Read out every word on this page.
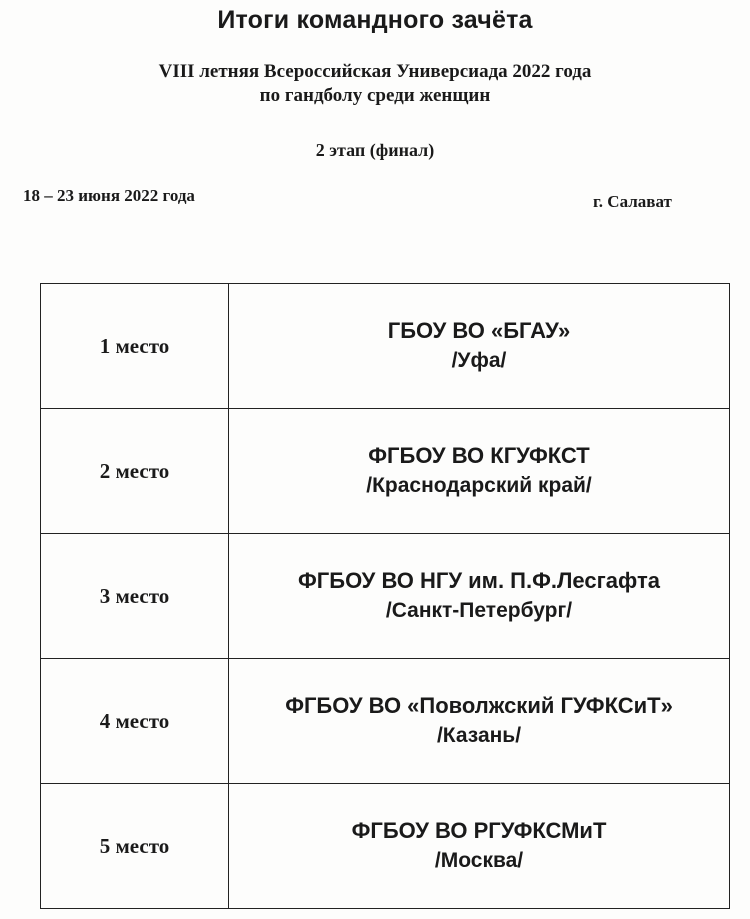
Итоги командного зачёта
VIII летняя Всероссийская Универсиада 2022 года
по гандболу среди женщин
2 этап (финал)
18 – 23 июня 2022 года	г. Салават
1 место	ГБОУ ВО «БГАУ»
/Уфа/

2 место	ФГБОУ ВО КГУФКСТ
/Краснодарский край/

3 место	ФГБОУ ВО НГУ им. П.Ф.Лесгафта
/Санкт-Петербург/

4 место	ФГБОУ ВО «Поволжский ГУФКСиТ»
/Казань/

5 место	ФГБОУ ВО РГУФКСМиТ
/Москва/
